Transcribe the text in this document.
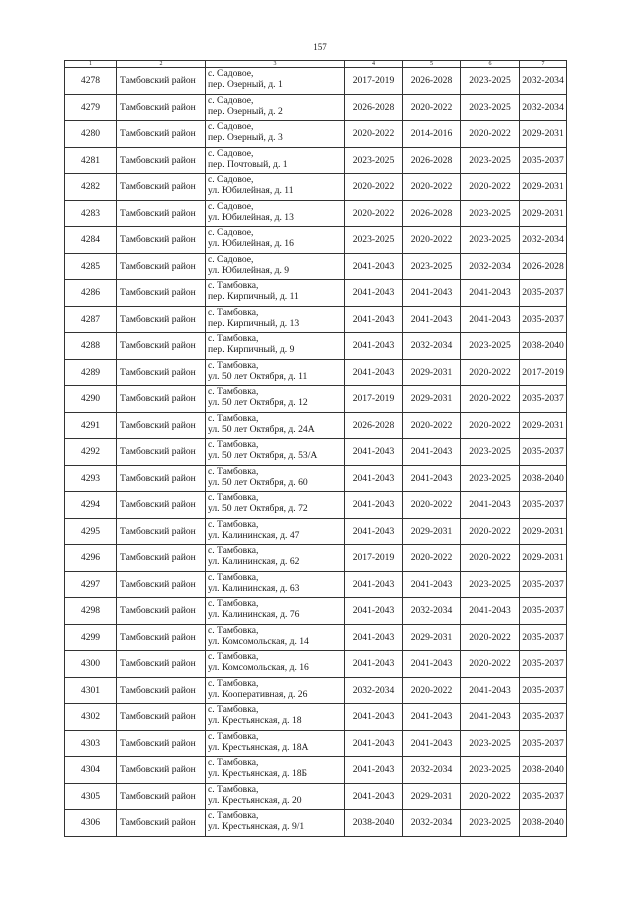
157
1	2	3	4	5	6	7
4278	Тамбовский район	с. Садовое,
пер. Озерный, д. 1	2017-2019	2026-2028	2023-2025	2032-2034
4279	Тамбовский район	с. Садовое,
пер. Озерный, д. 2	2026-2028	2020-2022	2023-2025	2032-2034
4280	Тамбовский район	с. Садовое,
пер. Озерный, д. 3	2020-2022	2014-2016	2020-2022	2029-2031
4281	Тамбовский район	с. Садовое,
пер. Почтовый, д. 1	2023-2025	2026-2028	2023-2025	2035-2037
4282	Тамбовский район	с. Садовое,
ул. Юбилейная, д. 11	2020-2022	2020-2022	2020-2022	2029-2031
4283	Тамбовский район	с. Садовое,
ул. Юбилейная, д. 13	2020-2022	2026-2028	2023-2025	2029-2031
4284	Тамбовский район	с. Садовое,
ул. Юбилейная, д. 16	2023-2025	2020-2022	2023-2025	2032-2034
4285	Тамбовский район	с. Садовое,
ул. Юбилейная, д. 9	2041-2043	2023-2025	2032-2034	2026-2028
4286	Тамбовский район	с. Тамбовка,
пер. Кирпичный, д. 11	2041-2043	2041-2043	2041-2043	2035-2037
4287	Тамбовский район	с. Тамбовка,
пер. Кирпичный, д. 13	2041-2043	2041-2043	2041-2043	2035-2037
4288	Тамбовский район	с. Тамбовка,
пер. Кирпичный, д. 9	2041-2043	2032-2034	2023-2025	2038-2040
4289	Тамбовский район	с. Тамбовка,
ул. 50 лет Октября, д. 11	2041-2043	2029-2031	2020-2022	2017-2019
4290	Тамбовский район	с. Тамбовка,
ул. 50 лет Октября, д. 12	2017-2019	2029-2031	2020-2022	2035-2037
4291	Тамбовский район	с. Тамбовка,
ул. 50 лет Октября, д. 24А	2026-2028	2020-2022	2020-2022	2029-2031
4292	Тамбовский район	с. Тамбовка,
ул. 50 лет Октября, д. 53/А	2041-2043	2041-2043	2023-2025	2035-2037
4293	Тамбовский район	с. Тамбовка,
ул. 50 лет Октября, д. 60	2041-2043	2041-2043	2023-2025	2038-2040
4294	Тамбовский район	с. Тамбовка,
ул. 50 лет Октября, д. 72	2041-2043	2020-2022	2041-2043	2035-2037
4295	Тамбовский район	с. Тамбовка,
ул. Калининская, д. 47	2041-2043	2029-2031	2020-2022	2029-2031
4296	Тамбовский район	с. Тамбовка,
ул. Калининская, д. 62	2017-2019	2020-2022	2020-2022	2029-2031
4297	Тамбовский район	с. Тамбовка,
ул. Калининская, д. 63	2041-2043	2041-2043	2023-2025	2035-2037
4298	Тамбовский район	с. Тамбовка,
ул. Калининская, д. 76	2041-2043	2032-2034	2041-2043	2035-2037
4299	Тамбовский район	с. Тамбовка,
ул. Комсомольская, д. 14	2041-2043	2029-2031	2020-2022	2035-2037
4300	Тамбовский район	с. Тамбовка,
ул. Комсомольская, д. 16	2041-2043	2041-2043	2020-2022	2035-2037
4301	Тамбовский район	с. Тамбовка,
ул. Кооперативная, д. 26	2032-2034	2020-2022	2041-2043	2035-2037
4302	Тамбовский район	с. Тамбовка,
ул. Крестьянская, д. 18	2041-2043	2041-2043	2041-2043	2035-2037
4303	Тамбовский район	с. Тамбовка,
ул. Крестьянская, д. 18А	2041-2043	2041-2043	2023-2025	2035-2037
4304	Тамбовский район	с. Тамбовка,
ул. Крестьянская, д. 18Б	2041-2043	2032-2034	2023-2025	2038-2040
4305	Тамбовский район	с. Тамбовка,
ул. Крестьянская, д. 20	2041-2043	2029-2031	2020-2022	2035-2037
4306	Тамбовский район	с. Тамбовка,
ул. Крестьянская, д. 9/1	2038-2040	2032-2034	2023-2025	2038-2040
